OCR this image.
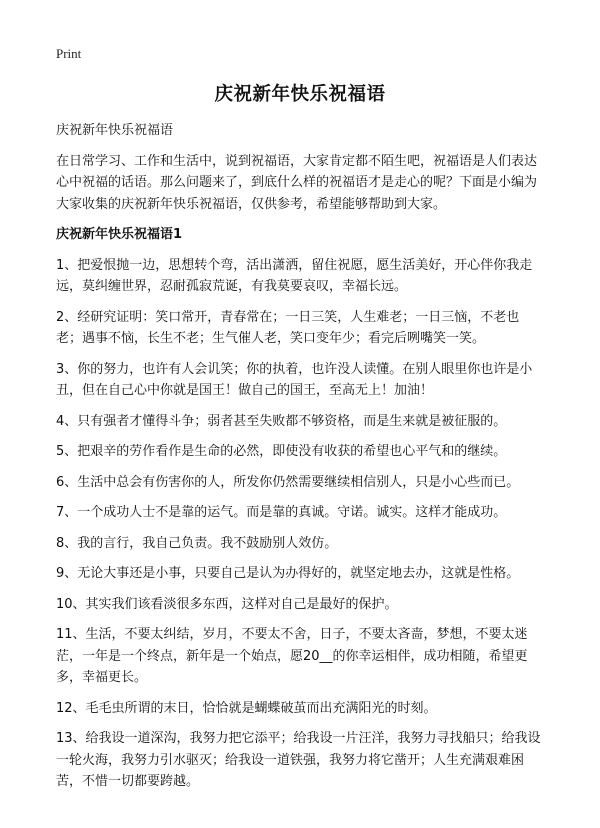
Print
庆祝新年快乐祝福语

庆祝新年快乐祝福语

在日常学习、工作和生活中，说到祝福语，大家肯定都不陌生吧，祝福语是人们表达心中祝福的话语。那么问题来了，到底什么样的祝福语才是走心的呢？下面是小编为大家收集的庆祝新年快乐祝福语，仅供参考，希望能够帮助到大家。

庆祝新年快乐祝福语1

1、把爱恨抛一边，思想转个弯，活出潇洒，留住祝愿，愿生活美好，开心伴你我走远，莫纠缠世界，忍耐孤寂荒诞，有我莫要哀叹，幸福长远。

2、经研究证明：笑口常开，青春常在；一日三笑，人生难老；一日三恼，不老也老；遇事不恼，长生不老；生气催人老，笑口变年少；看完后咧嘴笑一笑。

3、你的努力，也许有人会讥笑；你的执着，也许没人读懂。在别人眼里你也许是小丑，但在自己心中你就是国王！做自己的国王，至高无上！加油！

4、只有强者才懂得斗争；弱者甚至失败都不够资格，而是生来就是被征服的。

5、把艰辛的劳作看作是生命的必然，即使没有收获的希望也心平气和的继续。

6、生活中总会有伤害你的人，所发你仍然需要继续相信别人，只是小心些而已。

7、一个成功人士不是靠的运气。而是靠的真诚。守诺。诚实。这样才能成功。

8、我的言行，我自己负责。我不鼓励别人效仿。

9、无论大事还是小事，只要自己是认为办得好的，就坚定地去办，这就是性格。

10、其实我们该看淡很多东西，这样对自己是最好的保护。

11、生活，不要太纠结，岁月，不要太不舍，日子，不要太吝啬，梦想，不要太迷茫，一年是一个终点，新年是一个始点，愿20__的你幸运相伴，成功相随，希望更多，幸福更长。

12、毛毛虫所谓的末日，恰恰就是蝴蝶破茧而出充满阳光的时刻。

13、给我设一道深沟，我努力把它添平；给我设一片汪洋，我努力寻找船只；给我设一轮火海，我努力引水驱灭；给我设一道铁强，我努力将它凿开；人生充满艰难困苦，不惜一切都要跨越。
